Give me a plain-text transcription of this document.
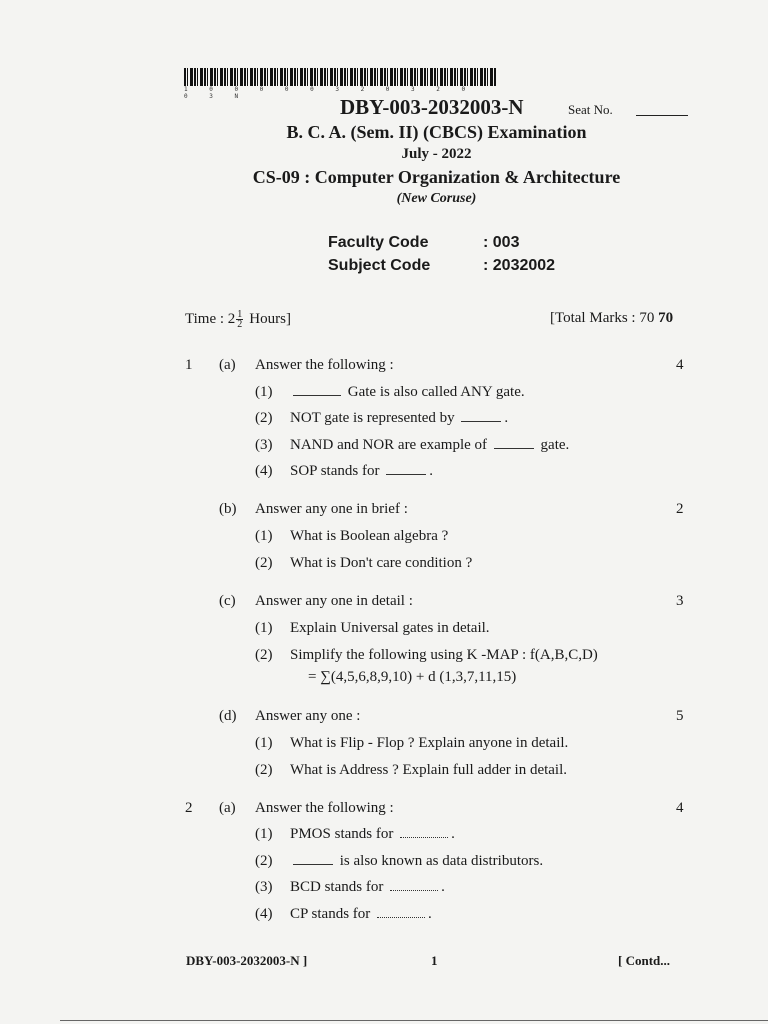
1 0 0 0 0 0 3 2 0 3 2 0 0 3 N	DBY-003-2032003-N	Seat No.
B. C. A. (Sem. II) (CBCS) Examination
July - 2022
CS-09 : Computer Organization & Architecture
(New Coruse)
Faculty Code	: 003
Subject Code	: 2032002
Time : $2 \frac{1}{2}$ Hours]	[Total Marks : 70 70
1 (a) Answer the following :	4
(1)	Gate is also called ANY gate.
(2) NOT gate is represented by	.
(3) NAND and NOR are example of	gate.
(4) SOP stands for	.
(b) Answer any one in brief :	2
(1) What is Boolean algebra ?
(2) What is Don't care condition ?
(c) Answer any one in detail :	3
(1) Explain Universal gates in detail.
(2) Simplify the following using K -MAP : f(A,B,C,D)
= ∑(4,5,6,8,9,10) + d (1,3,7,11,15)
(d) Answer any one :	5
(1) What is Flip - Flop ? Explain anyone in detail.
(2) What is Address ? Explain full adder in detail.
2 (a) Answer the following :	4
(1) PMOS stands for	.
(2)	is also known as data distributors.
(3) BCD stands for	.
(4) CP stands for	.
DBY-003-2032003-N ]	1	[ Contd...
